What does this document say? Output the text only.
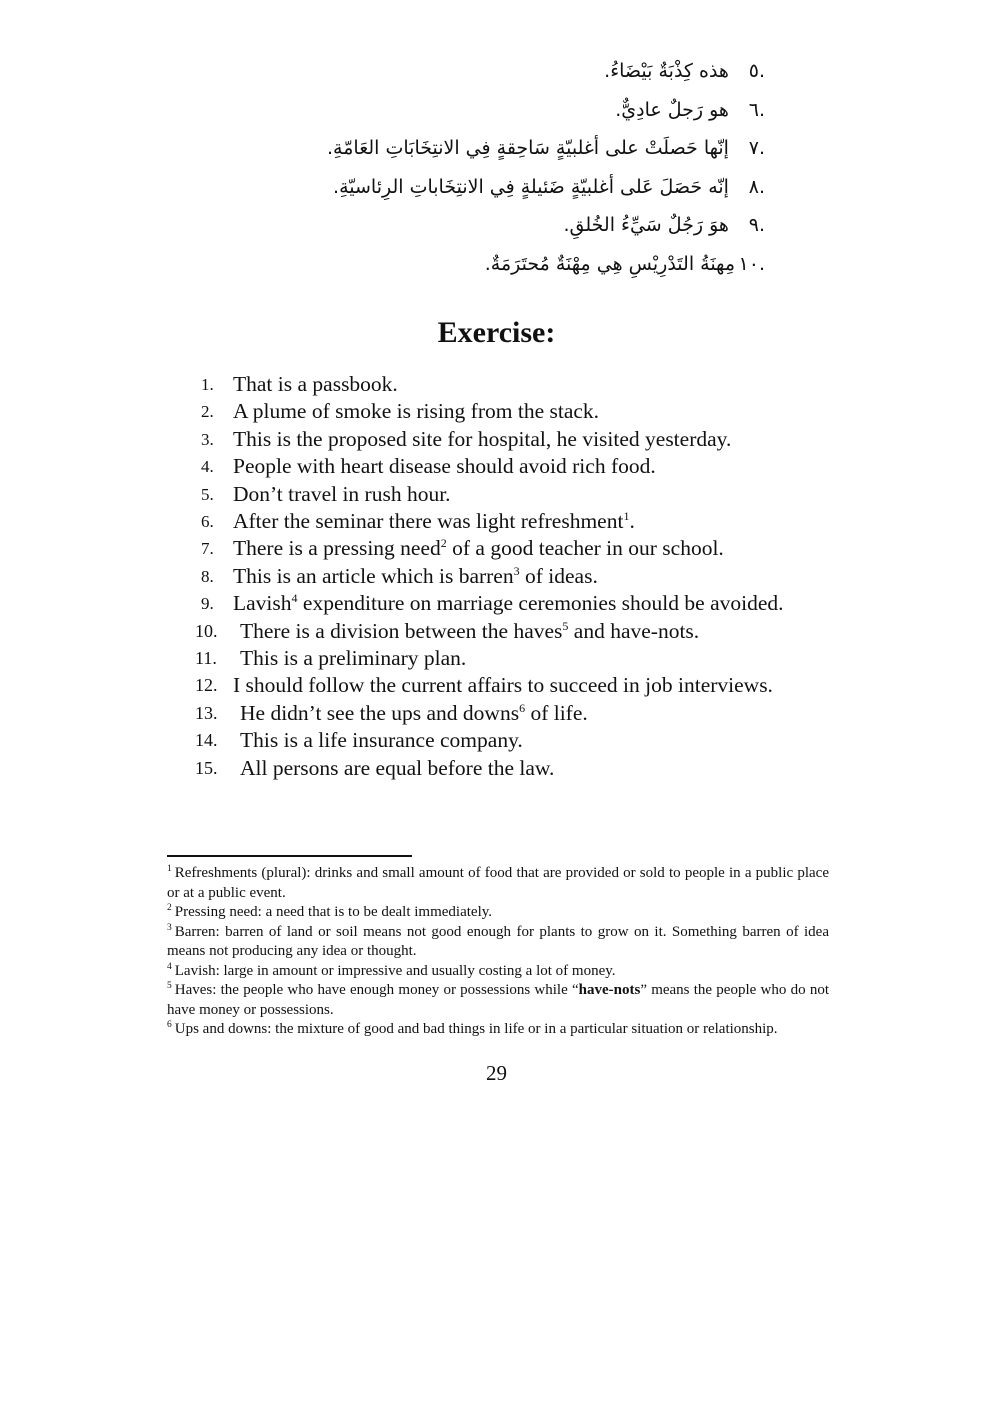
.٥ هذه كِذْبَةٌ بَيْضَاءُ.
.٦ هو رَجلٌ عادِيٌّ.
.٧ إنّها حَصلَتْ على أغلبيّةٍ سَاحِقةٍ فِي الانتِخَابَاتِ العَامّةِ.
.٨ إنّه حَصَلَ عَلى أغلبيّةٍ ضَئيلةٍ فِي الانتِخَاباتِ الرِئاسيّةِ.
.٩ هوَ رَجُلٌ سَيِّءُ الخُلقِ.
.١٠مِهنَةُ التَدْرِيْسِ هِي مِهْنَةٌ مُحتَرَمَةٌ.
Exercise:
1. That is a passbook.
2. A plume of smoke is rising from the stack.
3. This is the proposed site for hospital, he visited yesterday.
4. People with heart disease should avoid rich food.
5. Don’t travel in rush hour.
6. After the seminar there was light refreshment$^1$.
7. There is a pressing need$^2$ of a good teacher in our school.
8. This is an article which is barren$^3$ of ideas.
9. Lavish$^4$ expenditure on marriage ceremonies should be avoided.
10.	There is a division between the haves$^5$ and have-nots.
11.	This is a preliminary plan.
12. I should follow the current affairs to succeed in job interviews.
13.	He didn’t see the ups and downs$^6$ of life.
14.	This is a life insurance company.
15.	All persons are equal before the law.
$^1$ Refreshments (plural): drinks and small amount of food that are provided or sold to people in a public place or at a public event.
$^2$ Pressing need: a need that is to be dealt immediately.
$^3$ Barren: barren of land or soil means not good enough for plants to grow on it. Something barren of idea means not producing any idea or thought.
$^4$ Lavish: large in amount or impressive and usually costing a lot of money.
$^5$ Haves: the people who have enough money or possessions while “have-nots” means the people who do not have money or possessions.
$^6$ Ups and downs: the mixture of good and bad things in life or in a particular situation or relationship.
29
